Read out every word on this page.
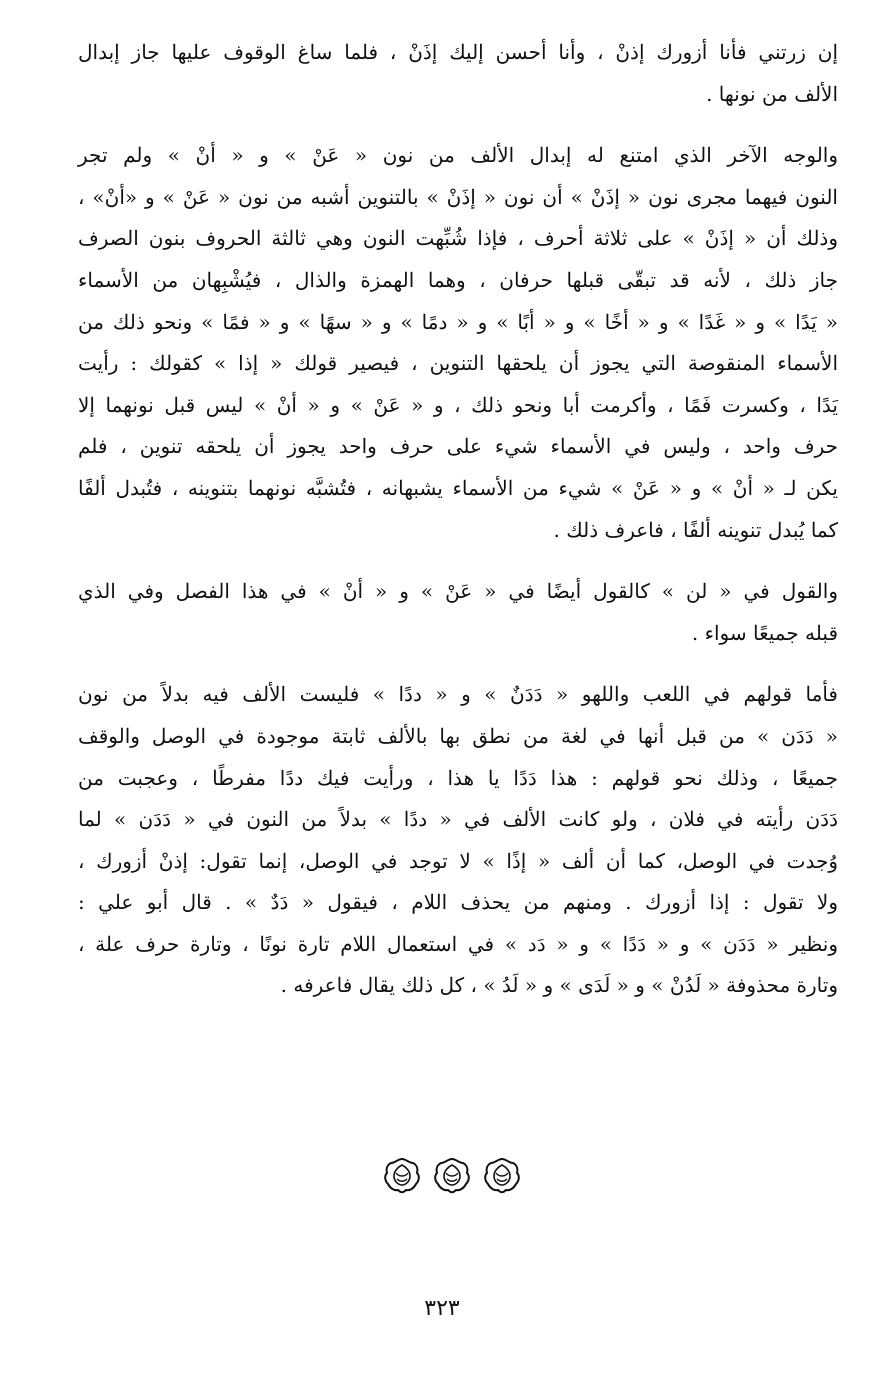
إن زرتني فأنا أزورك إذنْ ، وأنا أحسن إليك إذَنْ ، فلما ساغ الوقوف عليها جاز إبدال
الألف من نونها .

والوجه الآخر الذي امتنع له إبدال الألف من نون « عَنْ » و « أنْ » ولم تجر
النون فيهما مجرى نون « إذَنْ » أن نون « إذَنْ » بالتنوين أشبه من نون « عَنْ » و «أنْ» ،
وذلك أن « إذَنْ » على ثلاثة أحرف ، فإذا شُبِّهت النون وهي ثالثة الحروف بنون الصرف
جاز ذلك ، لأنه قد تبقّى قبلها حرفان ، وهما الهمزة والذال ، فيُشْبِهان من الأسماء
« يَدًا » و « غَدًا » و « أخًا » و « أبًا » و « دمًا » و « سهًا » و « فمًا » ونحو ذلك من
الأسماء المنقوصة التي يجوز أن يلحقها التنوين ، فيصير قولك « إذا » كقولك : رأيت
يَدًا ، وكسرت فَمًا ، وأكرمت أبا ونحو ذلك ، و « عَنْ » و « أنْ » ليس قبل نونهما إلا
حرف واحد ، وليس في الأسماء شيء على حرف واحد يجوز أن يلحقه تنوين ، فلم
يكن لـ « أنْ » و « عَنْ » شيء من الأسماء يشبهانه ، فتُشبَّه نونهما بتنوينه ، فتُبدل ألفًا
كما يُبدل تنوينه ألفًا ، فاعرف ذلك .

والقول في « لن » كالقول أيضًا في « عَنْ » و « أنْ » في هذا الفصل وفي الذي
قبله جميعًا سواء .

فأما قولهم في اللعب واللهو « دَدَنٌ » و « ددًا » فليست الألف فيه بدلاً من نون
« دَدَن » من قبل أنها في لغة من نطق بها بالألف ثابتة موجودة في الوصل والوقف
جميعًا ، وذلك نحو قولهم : هذا دَدًا يا هذا ، ورأيت فيك ددًا مفرطًا ، وعجبت من
دَدَن رأيته في فلان ، ولو كانت الألف في « ددًا » بدلاً من النون في « دَدَن » لما
وُجدت في الوصل، كما أن ألف « إذًا » لا توجد في الوصل، إنما تقول: إذنْ أزورك ،
ولا تقول : إذا أزورك . ومنهم من يحذف اللام ، فيقول « دَدٌ » . قال أبو علي :
ونظير « دَدَن » و « دَدًا » و « دَد » في استعمال اللام تارة نونًا ، وتارة حرف علة ،
وتارة محذوفة « لَدُنْ » و « لَدَى » و « لَدُ » ، كل ذلك يقال فاعرفه .

٣٢٣
